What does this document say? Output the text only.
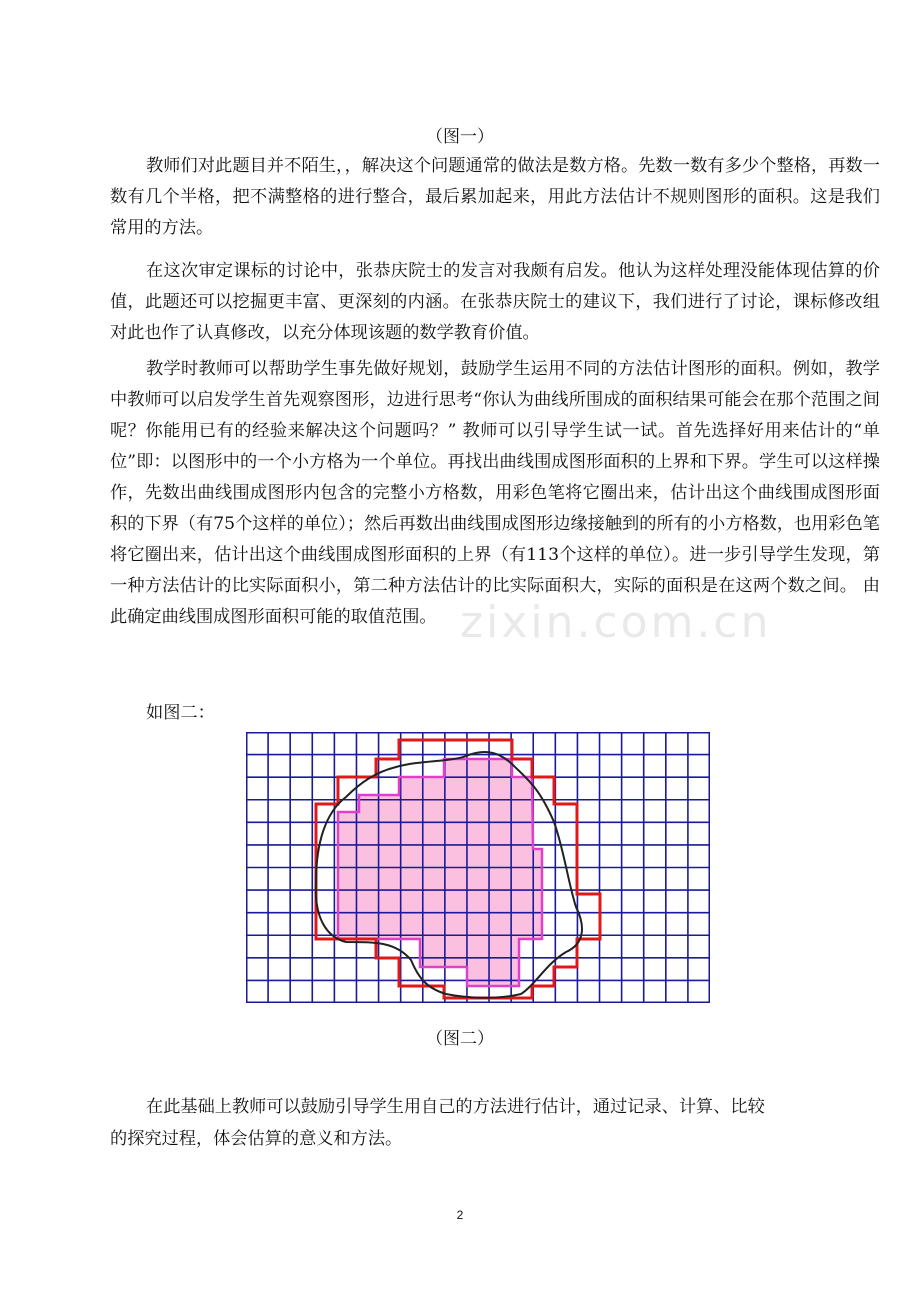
（图一）

教师们对此题目并不陌生，，解决这个问题通常的做法是数方格。先数一数有多少个整格，再数一数有几个半格，把不满整格的进行整合，最后累加起来，用此方法估计不规则图形的面积。这是我们常用的方法。

在这次审定课标的讨论中，张恭庆院士的发言对我颇有启发。他认为这样处理没能体现估算的价值，此题还可以挖掘更丰富、更深刻的内涵。在张恭庆院士的建议下，我们进行了讨论，课标修改组对此也作了认真修改，以充分体现该题的数学教育价值。

教学时教师可以帮助学生事先做好规划，鼓励学生运用不同的方法估计图形的面积。例如，教学中教师可以启发学生首先观察图形，边进行思考“你认为曲线所围成的面积结果可能会在那个范围之间呢？你能用已有的经验来解决这个问题吗？” 教师可以引导学生试一试。首先选择好用来估计的“单位”即：以图形中的一个小方格为一个单位。再找出曲线围成图形面积的上界和下界。学生可以这样操作，先数出曲线围成图形内包含的完整小方格数，用彩色笔将它圈出来，估计出这个曲线围成图形面积的下界（有75个这样的单位）；然后再数出曲线围成图形边缘接触到的所有的小方格数，也用彩色笔将它圈出来，估计出这个曲线围成图形面积的上界（有113个这样的单位）。进一步引导学生发现，第一种方法估计的比实际面积小，第二种方法估计的比实际面积大，实际的面积是在这两个数之间。 由此确定曲线围成图形面积可能的取值范围。 zixin.com.cn
如图二：
（图二）
在此基础上教师可以鼓励引导学生用自己的方法进行估计，通过记录、计算、比较
的探究过程，体会估算的意义和方法。
2
